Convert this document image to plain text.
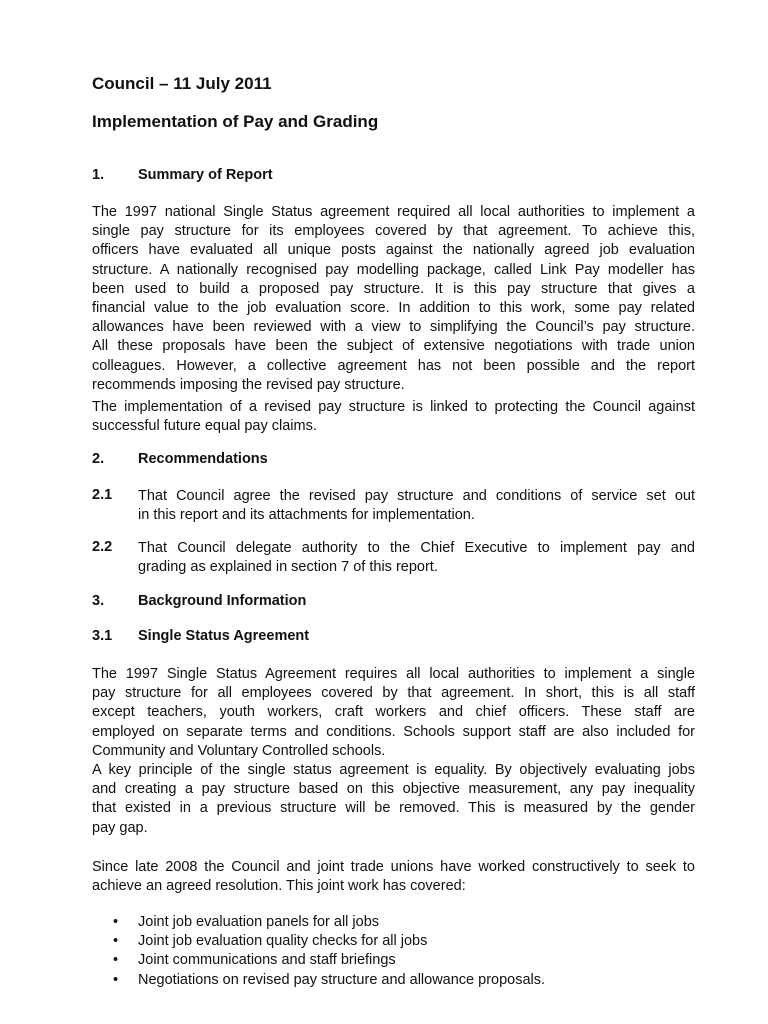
Council – 11 July 2011
Implementation of Pay and Grading
1. Summary of Report
The 1997 national Single Status agreement required all local authorities to implement a
single pay structure for its employees covered by that agreement. To achieve this,
officers have evaluated all unique posts against the nationally agreed job evaluation
structure. A nationally recognised pay modelling package, called Link Pay modeller has
been used to build a proposed pay structure. It is this pay structure that gives a
financial value to the job evaluation score. In addition to this work, some pay related
allowances have been reviewed with a view to simplifying the Council’s pay structure.
All these proposals have been the subject of extensive negotiations with trade union
colleagues. However, a collective agreement has not been possible and the report
recommends imposing the revised pay structure.
The implementation of a revised pay structure is linked to protecting the Council against
successful future equal pay claims.
2. Recommendations
2.1 That Council agree the revised pay structure and conditions of service set out
in this report and its attachments for implementation.
2.2 That Council delegate authority to the Chief Executive to implement pay and
grading as explained in section 7 of this report.
3. Background Information
3.1 Single Status Agreement
The 1997 Single Status Agreement requires all local authorities to implement a single
pay structure for all employees covered by that agreement. In short, this is all staff
except teachers, youth workers, craft workers and chief officers. These staff are
employed on separate terms and conditions. Schools support staff are also included for
Community and Voluntary Controlled schools.
A key principle of the single status agreement is equality. By objectively evaluating jobs
and creating a pay structure based on this objective measurement, any pay inequality
that existed in a previous structure will be removed. This is measured by the gender
pay gap.
Since late 2008 the Council and joint trade unions have worked constructively to seek to
achieve an agreed resolution. This joint work has covered:
• Joint job evaluation panels for all jobs
• Joint job evaluation quality checks for all jobs
• Joint communications and staff briefings
• Negotiations on revised pay structure and allowance proposals.
